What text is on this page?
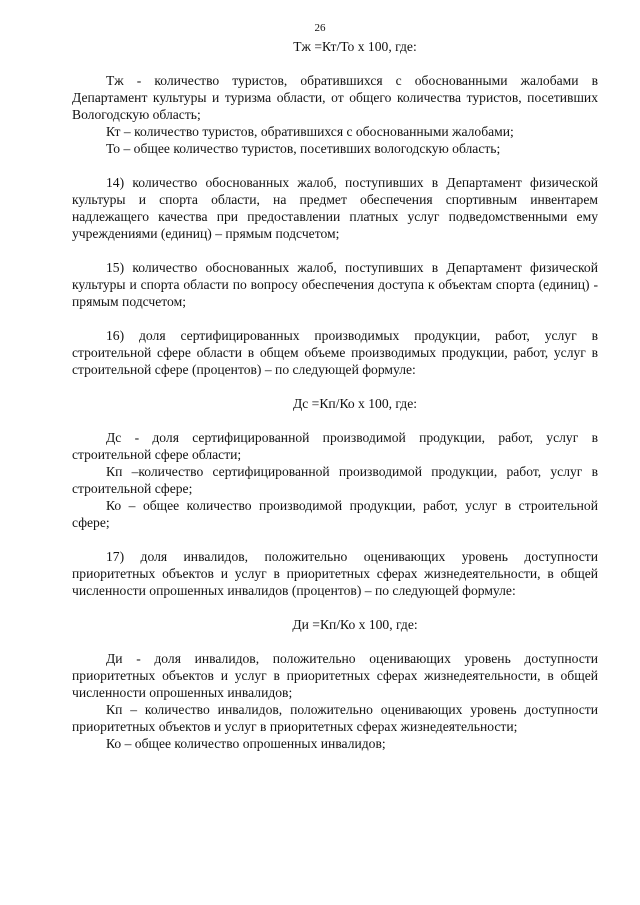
26

Тж =Кт/То х 100, где:

Тж - количество туристов, обратившихся с обоснованными жалобами в Департамент культуры и туризма области, от общего количества туристов, посетивших Вологодскую область;

Кт – количество туристов, обратившихся с обоснованными жалобами;

То – общее количество туристов, посетивших вологодскую область;

14) количество обоснованных жалоб, поступивших в Департамент физической культуры и спорта области, на предмет обеспечения спортивным инвентарем надлежащего качества при предоставлении платных услуг подведомственными ему учреждениями (единиц) – прямым подсчетом;

15) количество обоснованных жалоб, поступивших в Департамент физической культуры и спорта области по вопросу обеспечения доступа к объектам спорта (единиц) - прямым подсчетом;

16) доля сертифицированных производимых продукции, работ, услуг в строительной сфере области в общем объеме производимых продукции, работ, услуг в строительной сфере (процентов) – по следующей формуле:

Дс =Кп/Ко х 100, где:

Дс - доля сертифицированной производимой продукции, работ, услуг в строительной сфере области;

Кп –количество сертифицированной производимой продукции, работ, услуг в строительной сфере;

Ко – общее количество производимой продукции, работ, услуг в строительной сфере;

17) доля инвалидов, положительно оценивающих уровень доступности приоритетных объектов и услуг в приоритетных сферах жизнедеятельности, в общей численности опрошенных инвалидов (процентов) – по следующей формуле:

Ди =Кп/Ко х 100, где:

Ди - доля инвалидов, положительно оценивающих уровень доступности приоритетных объектов и услуг в приоритетных сферах жизнедеятельности, в общей численности опрошенных инвалидов;

Кп – количество инвалидов, положительно оценивающих уровень доступности приоритетных объектов и услуг в приоритетных сферах жизнедеятельности;

Ко – общее количество опрошенных инвалидов;
